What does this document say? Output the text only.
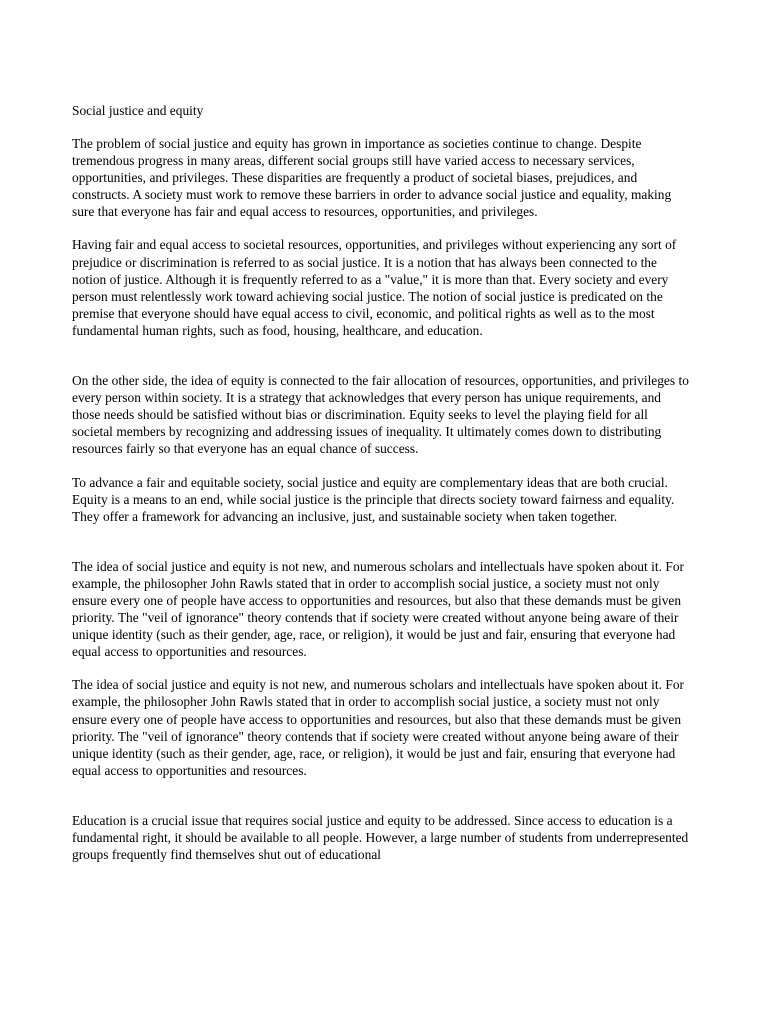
Social justice and equity

The problem of social justice and equity has grown in importance as societies continue to change. Despite tremendous progress in many areas, different social groups still have varied access to necessary services, opportunities, and privileges. These disparities are frequently a product of societal biases, prejudices, and constructs. A society must work to remove these barriers in order to advance social justice and equality, making sure that everyone has fair and equal access to resources, opportunities, and privileges.

Having fair and equal access to societal resources, opportunities, and privileges without experiencing any sort of prejudice or discrimination is referred to as social justice. It is a notion that has always been connected to the notion of justice. Although it is frequently referred to as a "value," it is more than that. Every society and every person must relentlessly work toward achieving social justice. The notion of social justice is predicated on the premise that everyone should have equal access to civil, economic, and political rights as well as to the most fundamental human rights, such as food, housing, healthcare, and education.

On the other side, the idea of equity is connected to the fair allocation of resources, opportunities, and privileges to every person within society. It is a strategy that acknowledges that every person has unique requirements, and those needs should be satisfied without bias or discrimination. Equity seeks to level the playing field for all societal members by recognizing and addressing issues of inequality. It ultimately comes down to distributing resources fairly so that everyone has an equal chance of success.

To advance a fair and equitable society, social justice and equity are complementary ideas that are both crucial. Equity is a means to an end, while social justice is the principle that directs society toward fairness and equality. They offer a framework for advancing an inclusive, just, and sustainable society when taken together.

The idea of social justice and equity is not new, and numerous scholars and intellectuals have spoken about it. For example, the philosopher John Rawls stated that in order to accomplish social justice, a society must not only ensure every one of people have access to opportunities and resources, but also that these demands must be given priority. The "veil of ignorance" theory contends that if society were created without anyone being aware of their unique identity (such as their gender, age, race, or religion), it would be just and fair, ensuring that everyone had equal access to opportunities and resources.

The idea of social justice and equity is not new, and numerous scholars and intellectuals have spoken about it. For example, the philosopher John Rawls stated that in order to accomplish social justice, a society must not only ensure every one of people have access to opportunities and resources, but also that these demands must be given priority. The "veil of ignorance" theory contends that if society were created without anyone being aware of their unique identity (such as their gender, age, race, or religion), it would be just and fair, ensuring that everyone had equal access to opportunities and resources.

Education is a crucial issue that requires social justice and equity to be addressed. Since access to education is a fundamental right, it should be available to all people. However, a large number of students from underrepresented groups frequently find themselves shut out of educational
